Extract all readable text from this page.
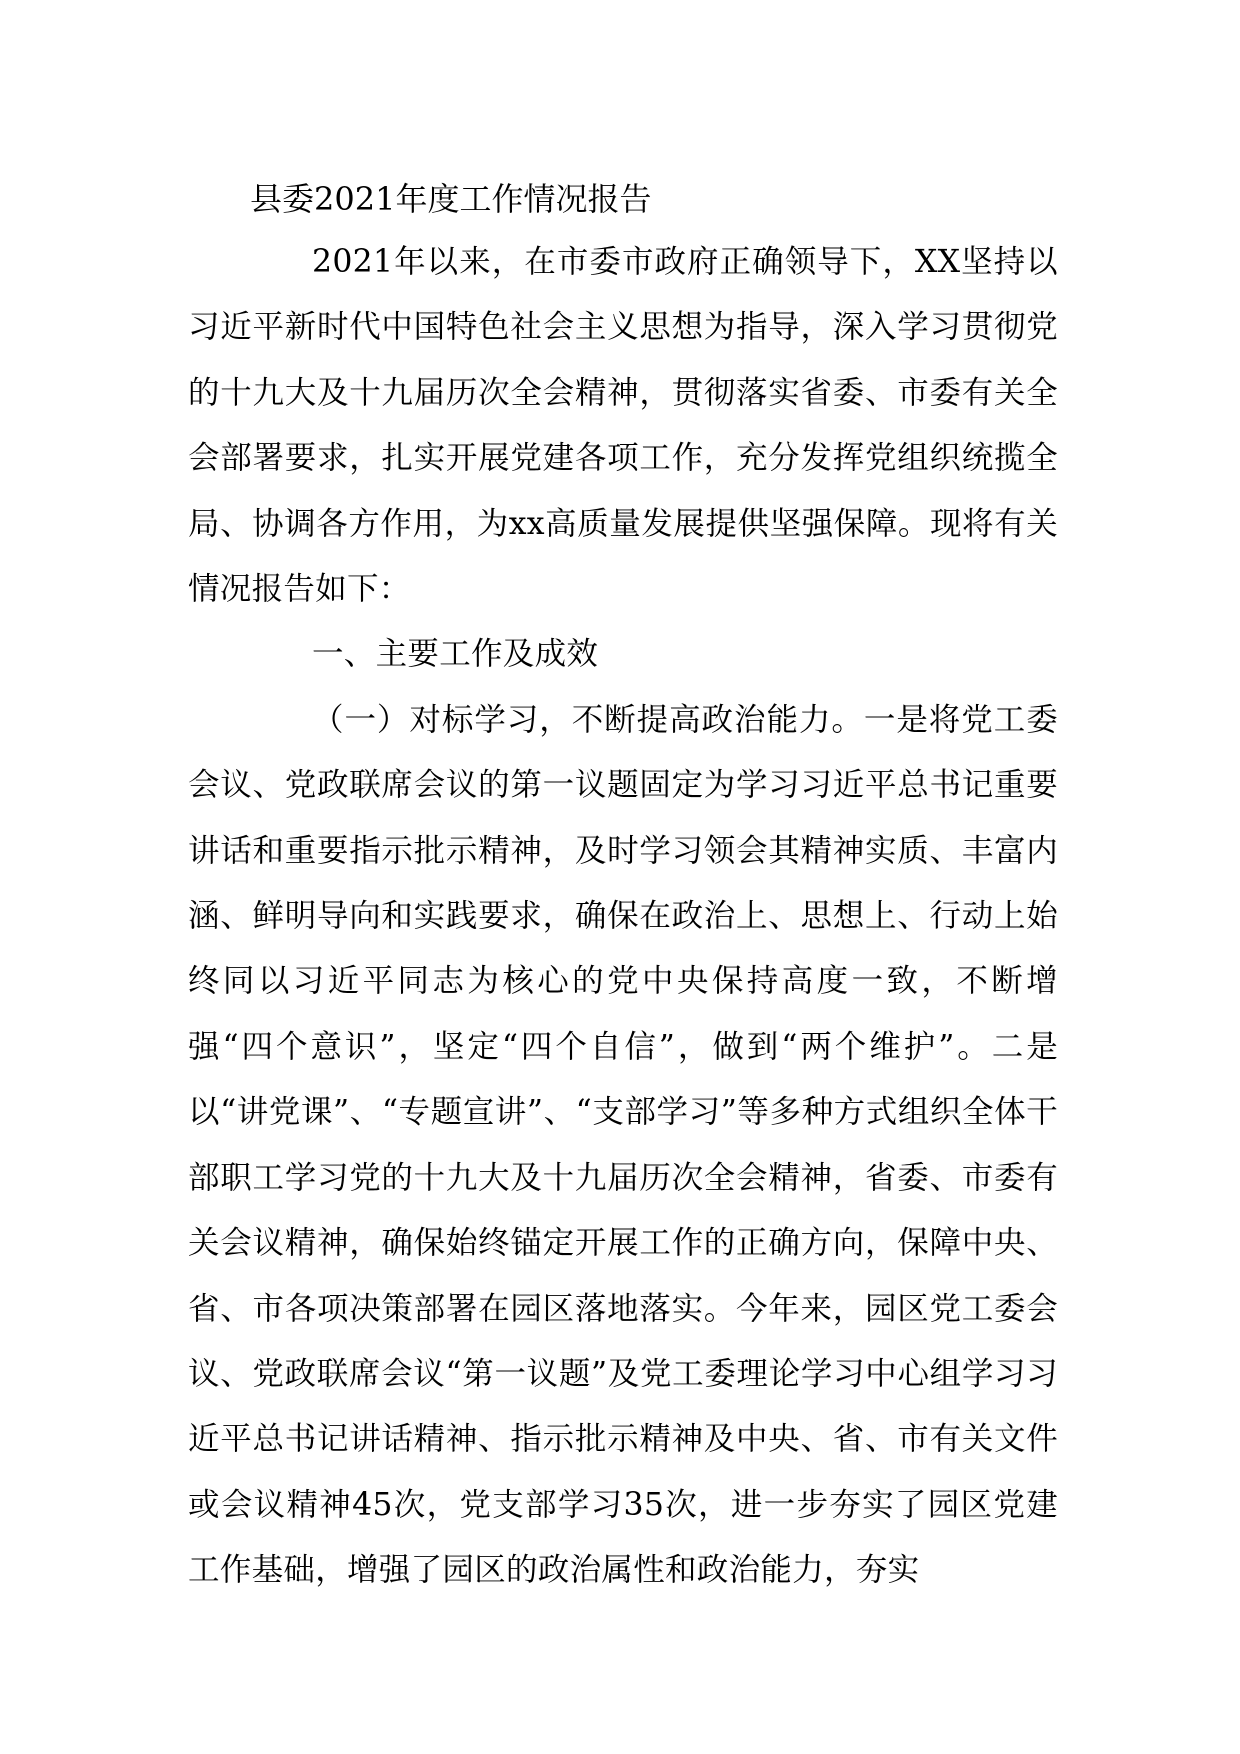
县委2021年度工作情况报告

2021年以来，在市委市政府正确领导下，XX坚持以习近平新时代中国特色社会主义思想为指导，深入学习贯彻党的十九大及十九届历次全会精神，贯彻落实省委、市委有关全会部署要求，扎实开展党建各项工作，充分发挥党组织统揽全局、协调各方作用，为xx高质量发展提供坚强保障。现将有关情况报告如下：

一、主要工作及成效

（一）对标学习，不断提高政治能力。一是将党工委会议、党政联席会议的第一议题固定为学习习近平总书记重要讲话和重要指示批示精神，及时学习领会其精神实质、丰富内涵、鲜明导向和实践要求，确保在政治上、思想上、行动上始终同以习近平同志为核心的党中央保持高度一致，不断增强“四个意识”，坚定“四个自信”，做到“两个维护”。二是以“讲党课”、“专题宣讲”、“支部学习”等多种方式组织全体干部职工学习党的十九大及十九届历次全会精神，省委、市委有关会议精神，确保始终锚定开展工作的正确方向，保障中央、省、市各项决策部署在园区落地落实。今年来，园区党工委会议、党政联席会议“第一议题”及党工委理论学习中心组学习习近平总书记讲话精神、指示批示精神及中央、省、市有关文件或会议精神45次，党支部学习35次，进一步夯实了园区党建工作基础，增强了园区的政治属性和政治能力，夯实
